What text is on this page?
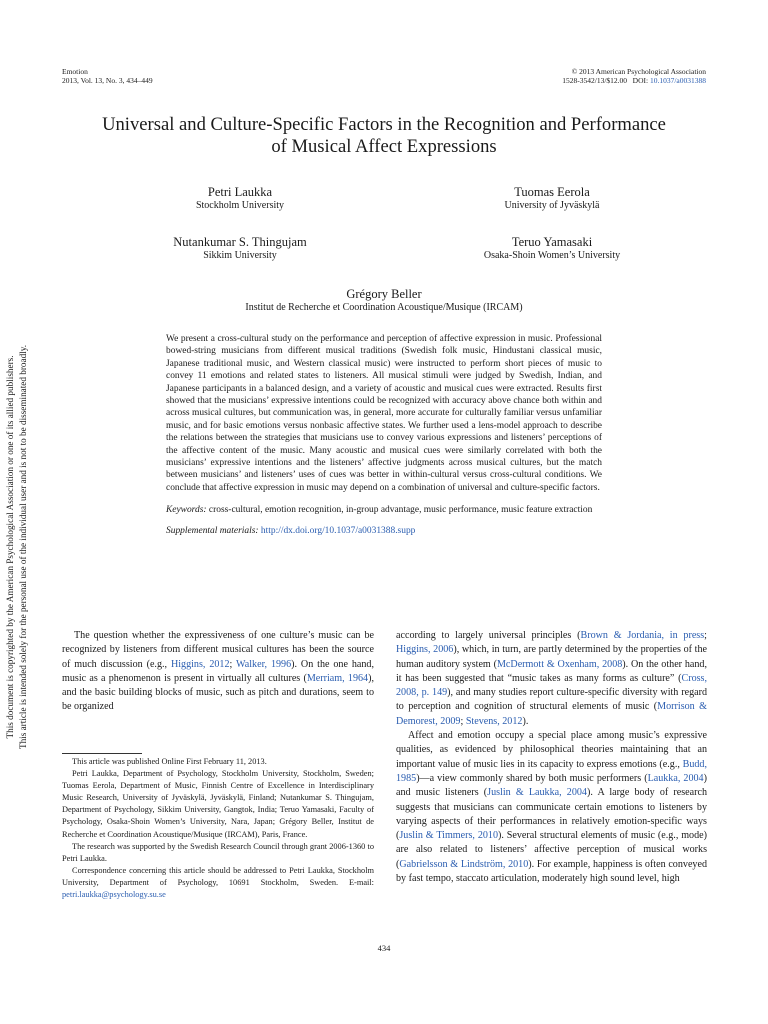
Emotion
2013, Vol. 13, No. 3, 434–449
© 2013 American Psychological Association
1528-3542/13/$12.00   DOI: 10.1037/a0031388
This document is copyrighted by the American Psychological Association or one of its allied publishers. This article is intended solely for the personal use of the individual user and is not to be disseminated broadly.
Universal and Culture-Specific Factors in the Recognition and Performance
of Musical Affect Expressions
Petri Laukka
Stockholm University
Tuomas Eerola
University of Jyväskylä
Nutankumar S. Thingujam
Sikkim University
Teruo Yamasaki
Osaka-Shoin Women’s University
Grégory Beller
Institut de Recherche et Coordination Acoustique/Musique (IRCAM)

We present a cross-cultural study on the performance and perception of affective expression in music. Professional bowed-string musicians from different musical traditions (Swedish folk music, Hindustani classical music, Japanese traditional music, and Western classical music) were instructed to perform short pieces of music to convey 11 emotions and related states to listeners. All musical stimuli were judged by Swedish, Indian, and Japanese participants in a balanced design, and a variety of acoustic and musical cues were extracted. Results first showed that the musicians’ expressive intentions could be recognized with accuracy above chance both within and across musical cultures, but communication was, in general, more accurate for culturally familiar versus unfamiliar music, and for basic emotions versus nonbasic affective states. We further used a lens-model approach to describe the relations between the strategies that musicians use to convey various expressions and listeners’ perceptions of the affective content of the music. Many acoustic and musical cues were similarly correlated with both the musicians’ expressive intentions and the listeners’ affective judgments across musical cultures, but the match between musicians’ and listeners’ uses of cues was better in within-cultural versus cross-cultural conditions. We conclude that affective expression in music may depend on a combination of universal and culture-specific factors.

Keywords: cross-cultural, emotion recognition, in-group advantage, music performance, music feature extraction

Supplemental materials: http://dx.doi.org/10.1037/a0031388.supp

The question whether the expressiveness of one culture’s music can be recognized by listeners from different musical cultures has been the source of much discussion (e.g., Higgins, 2012; Walker, 1996). On the one hand, music as a phenomenon is present in virtually all cultures (Merriam, 1964), and the basic building blocks of music, such as pitch and durations, seem to be organized

This article was published Online First February 11, 2013.

Petri Laukka, Department of Psychology, Stockholm University, Stockholm, Sweden; Tuomas Eerola, Department of Music, Finnish Centre of Excellence in Interdisciplinary Music Research, University of Jyväskylä, Jyväskylä, Finland; Nutankumar S. Thingujam, Department of Psychology, Sikkim University, Gangtok, India; Teruo Yamasaki, Faculty of Psychology, Osaka-Shoin Women’s University, Nara, Japan; Grégory Beller, Institut de Recherche et Coordination Acoustique/Musique (IRCAM), Paris, France.

The research was supported by the Swedish Research Council through grant 2006-1360 to Petri Laukka.

Correspondence concerning this article should be addressed to Petri Laukka, Stockholm University, Department of Psychology, 10691 Stockholm, Sweden. E-mail: petri.laukka@psychology.su.se

according to largely universal principles (Brown & Jordania, in press; Higgins, 2006), which, in turn, are partly determined by the properties of the human auditory system (McDermott & Oxenham, 2008). On the other hand, it has been suggested that “music takes as many forms as culture” (Cross, 2008, p. 149), and many studies report culture-specific diversity with regard to perception and cognition of structural elements of music (Morrison & Demorest, 2009; Stevens, 2012).

Affect and emotion occupy a special place among music’s expressive qualities, as evidenced by philosophical theories maintaining that an important value of music lies in its capacity to express emotions (e.g., Budd, 1985)—a view commonly shared by both music performers (Laukka, 2004) and music listeners (Juslin & Laukka, 2004). A large body of research suggests that musicians can communicate certain emotions to listeners by varying aspects of their performances in relatively emotion-specific ways (Juslin & Timmers, 2010). Several structural elements of music (e.g., mode) are also related to listeners’ affective perception of musical works (Gabrielsson & Lindström, 2010). For example, happiness is often conveyed by fast tempo, staccato articulation, moderately high sound level, high

434
